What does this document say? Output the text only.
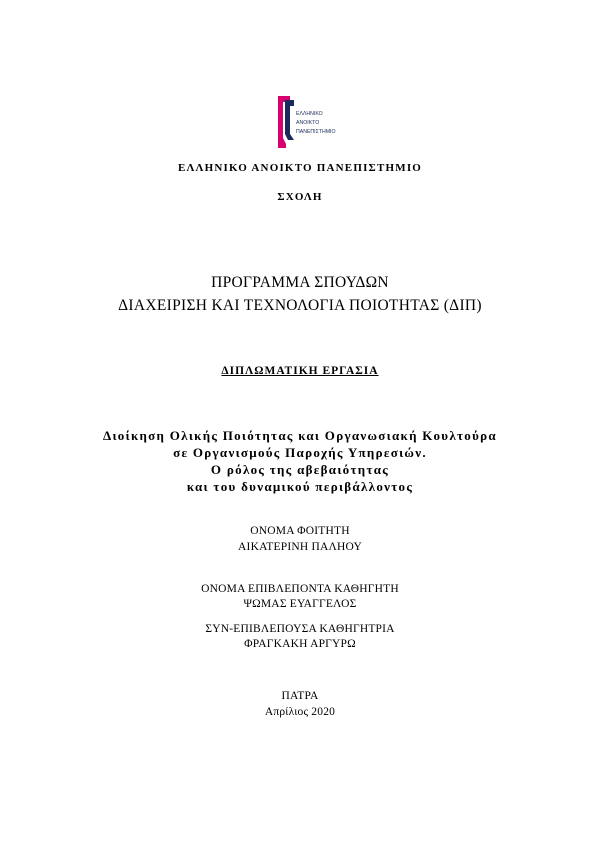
ΕΛΛΗΝΙΚΟ
ΑΝΟΙΚΤΟ
ΠΑΝΕΠΙΣΤΗΜΙΟ
ΕΛΛΗΝΙΚΟ ΑΝΟΙΚΤΟ ΠΑΝΕΠΙΣΤΗΜΙΟ
ΣΧΟΛΗ
ΠΡΟΓΡΑΜΜΑ ΣΠΟΥΔΩΝ
ΔΙΑΧΕΙΡΙΣΗ ΚΑΙ ΤΕΧΝΟΛΟΓΙΑ ΠΟΙΟΤΗΤΑΣ (ΔΙΠ)
ΔΙΠΛΩΜΑΤΙΚΗ ΕΡΓΑΣΙΑ
Διοίκηση Ολικής Ποιότητας και Οργανωσιακή Κουλτούρα
σε Οργανισμούς Παροχής Υπηρεσιών.
Ο ρόλος της αβεβαιότητας
και του δυναμικού περιβάλλοντος
ΟΝΟΜΑ ΦΟΙΤΗΤΗ
ΑΙΚΑΤΕΡΙΝΗ ΠΑΛΗΟΥ
ΟΝΟΜΑ ΕΠΙΒΛΕΠΟΝΤΑ ΚΑΘΗΓΗΤΗ
ΨΩΜΑΣ ΕΥΑΓΓΕΛΟΣ
ΣΥΝ-ΕΠΙΒΛΕΠΟΥΣΑ ΚΑΘΗΓΗΤΡΙΑ
ΦΡΑΓΚΑΚΗ ΑΡΓΥΡΩ
ΠΑΤΡΑ
Απρίλιος 2020
